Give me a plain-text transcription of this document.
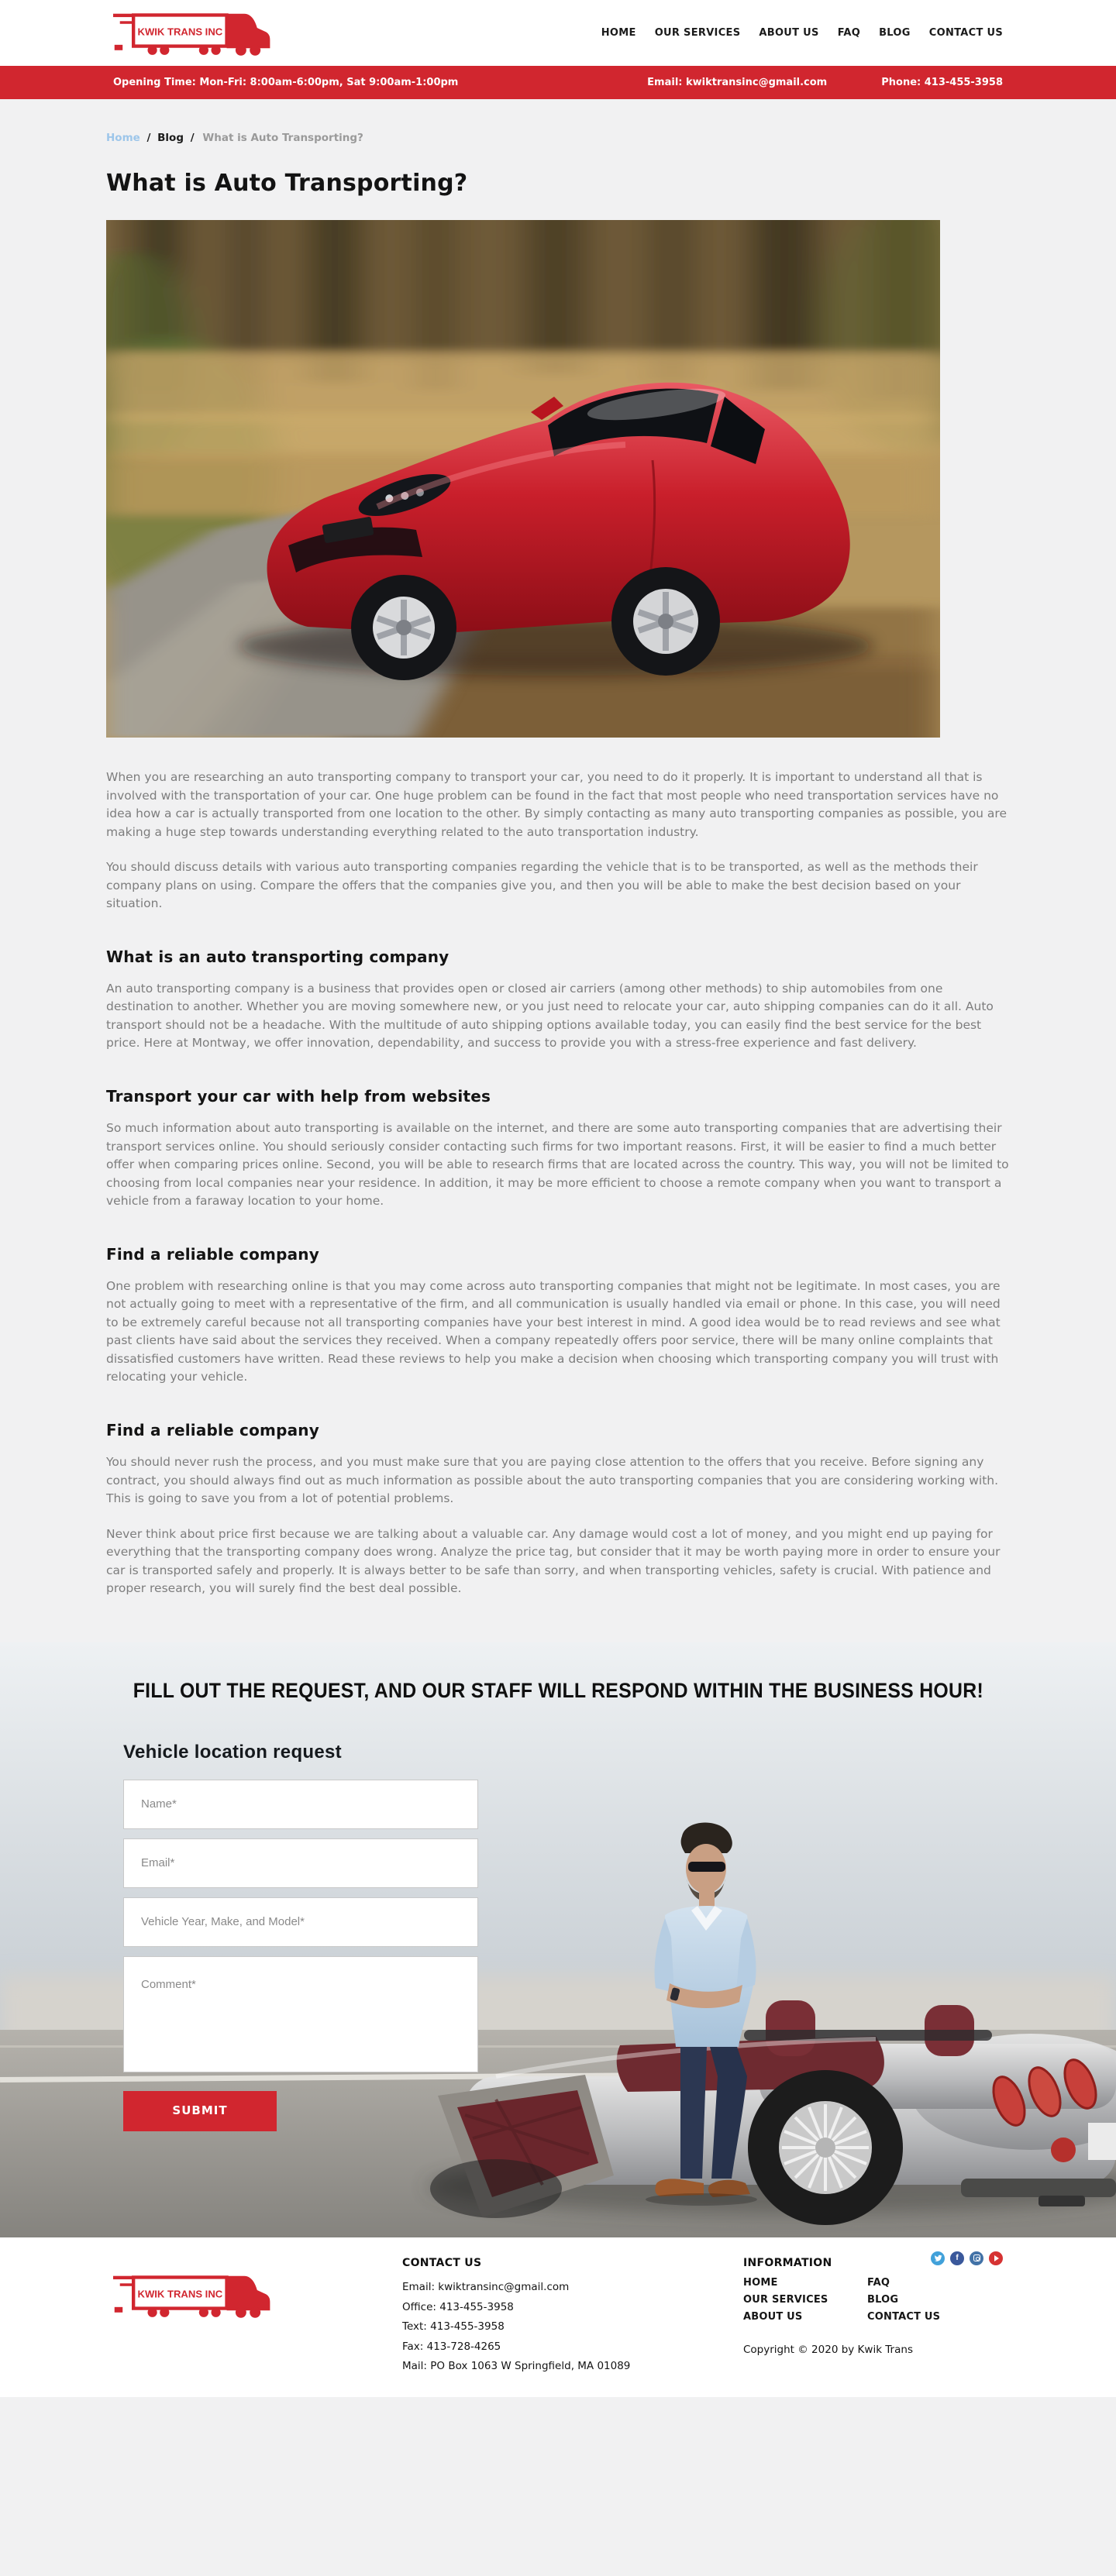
KWIK TRANS INC	HOME OUR SERVICES ABOUT US FAQ BLOG CONTACT US
Opening Time: Mon-Fri: 8:00am-6:00pm, Sat 9:00am-1:00pm	Email: kwiktransinc@gmail.com	Phone: 413-455-3958
Home / Blog / What is Auto Transporting?
What is Auto Transporting?

When you are researching an auto transporting company to transport your car, you need to do it properly. It is important to understand all that is involved with the transportation of your car. One huge problem can be found in the fact that most people who need transportation services have no idea how a car is actually transported from one location to the other. By simply contacting as many auto transporting companies as possible, you are making a huge step towards understanding everything related to the auto transportation industry.

You should discuss details with various auto transporting companies regarding the vehicle that is to be transported, as well as the methods their company plans on using. Compare the offers that the companies give you, and then you will be able to make the best decision based on your situation.

What is an auto transporting company

An auto transporting company is a business that provides open or closed air carriers (among other methods) to ship automobiles from one destination to another. Whether you are moving somewhere new, or you just need to relocate your car, auto shipping companies can do it all. Auto transport should not be a headache. With the multitude of auto shipping options available today, you can easily find the best service for the best price. Here at Montway, we offer innovation, dependability, and success to provide you with a stress-free experience and fast delivery.

Transport your car with help from websites

So much information about auto transporting is available on the internet, and there are some auto transporting companies that are advertising their transport services online. You should seriously consider contacting such firms for two important reasons. First, it will be easier to find a much better offer when comparing prices online. Second, you will be able to research firms that are located across the country. This way, you will not be limited to choosing from local companies near your residence. In addition, it may be more efficient to choose a remote company when you want to transport a vehicle from a faraway location to your home.

Find a reliable company

One problem with researching online is that you may come across auto transporting companies that might not be legitimate. In most cases, you are not actually going to meet with a representative of the firm, and all communication is usually handled via email or phone. In this case, you will need to be extremely careful because not all transporting companies have your best interest in mind. A good idea would be to read reviews and see what past clients have said about the services they received. When a company repeatedly offers poor service, there will be many online complaints that dissatisfied customers have written. Read these reviews to help you make a decision when choosing which transporting company you will trust with relocating your vehicle.

Find a reliable company

You should never rush the process, and you must make sure that you are paying close attention to the offers that you receive. Before signing any contract, you should always find out as much information as possible about the auto transporting companies that you are considering working with. This is going to save you from a lot of potential problems.

Never think about price first because we are talking about a valuable car. Any damage would cost a lot of money, and you might end up paying for everything that the transporting company does wrong. Analyze the price tag, but consider that it may be worth paying more in order to ensure your car is transported safely and properly. It is always better to be safe than sorry, and when transporting vehicles, safety is crucial. With patience and proper research, you will surely find the best deal possible.

FILL OUT THE REQUEST, AND OUR STAFF WILL RESPOND WITHIN THE BUSINESS HOUR!
Vehicle location request
Name*
Email*
Vehicle Year, Make, and Model*
Comment* SUBMIT
KWIK TRANS INC
CONTACT US
Email: kwiktransinc@gmail.com
Office: 413-455-3958
Text: 413-455-3958
Fax: 413-728-4265
Mail: PO Box 1063 W Springfield, MA 01089
INFORMATION
HOME	FAQ
OUR SERVICES	BLOG
ABOUT US	CONTACT US
Copyright © 2020 by Kwik Trans
f
